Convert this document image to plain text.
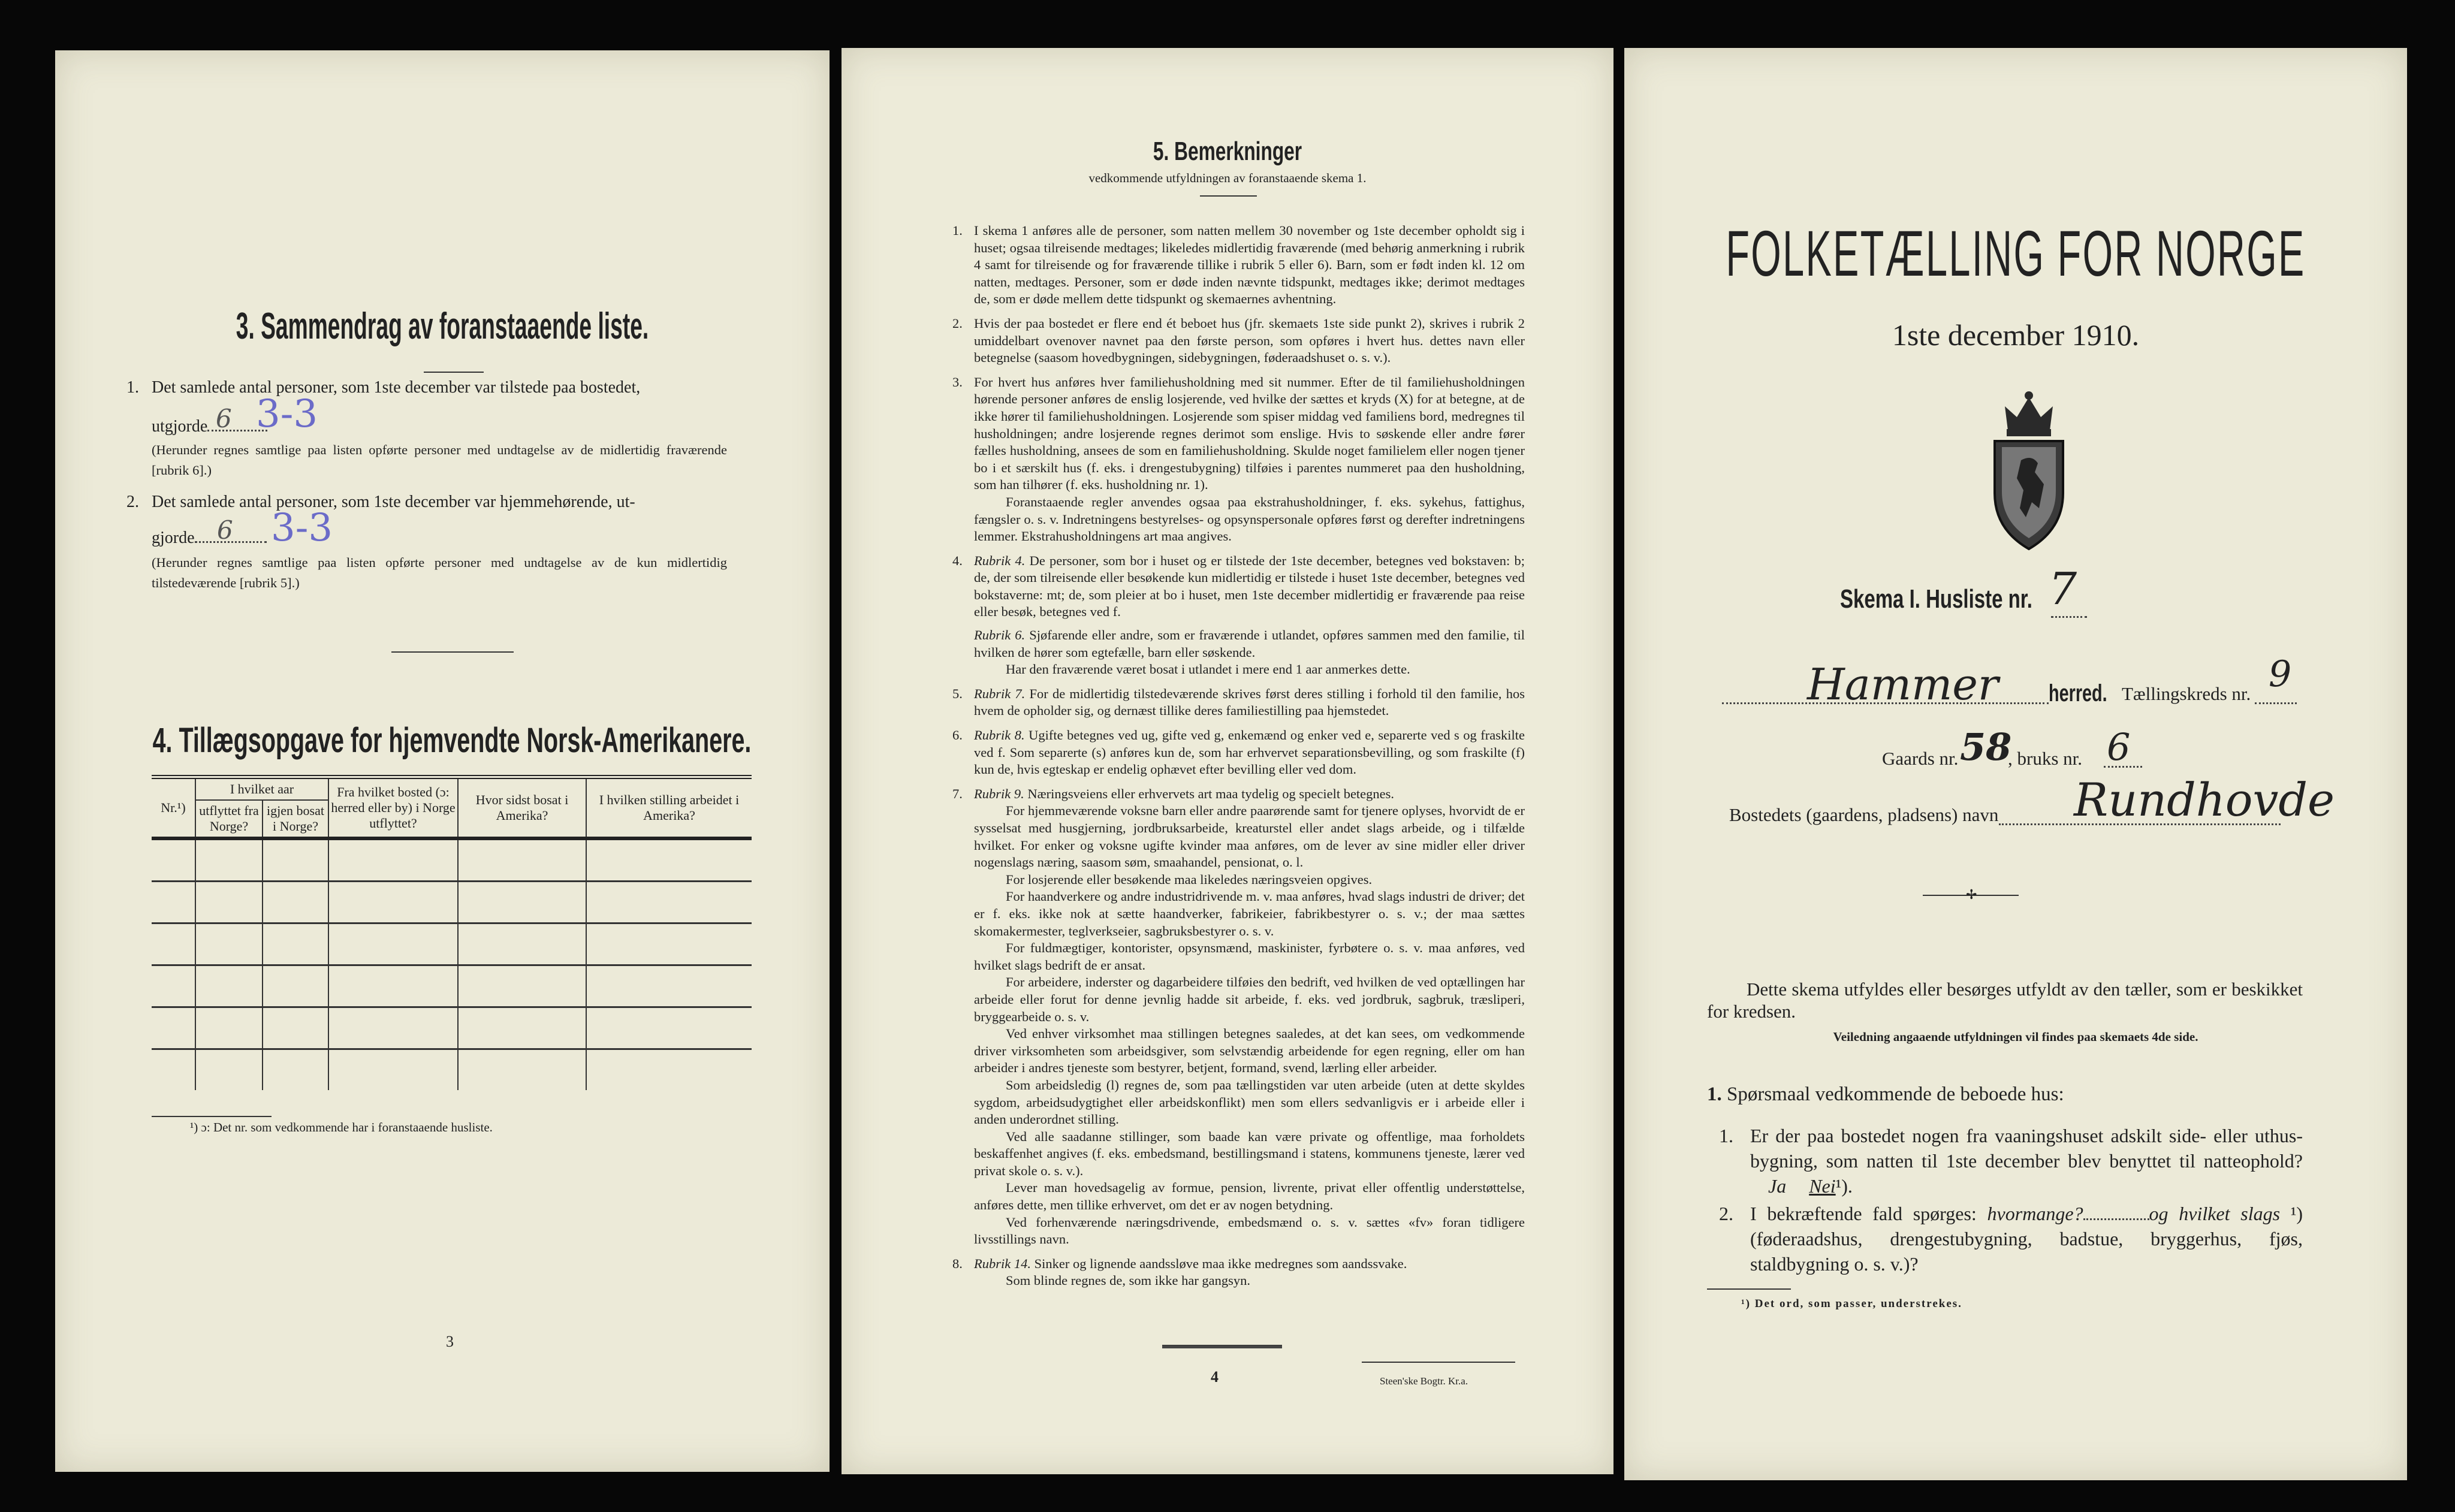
3. Sammendrag av foranstaaende liste.
1. Det samlede antal personer, som 1ste december var tilstede paa bostedet,
utgjorde 6 3-3
(Herunder regnes samtlige paa listen opførte personer med undtagelse av de midlertidig fraværende [rubrik 6].)
2. Det samlede antal personer, som 1ste december var hjemmehørende, ut-
gjorde 6 3-3
(Herunder regnes samtlige paa listen opførte personer med undtagelse av de kun midlertidig tilstedeværende [rubrik 5].)
4. Tillægsopgave for hjemvendte Norsk-Amerikanere.
Nr.¹)	I hvilket aar		Fra hvilket bosted (ɔ: herred eller by) i Norge utflyttet?	Hvor sidst bosat i Amerika?	I hvilken stilling arbeidet i Amerika?
	utflyttet fra Norge?	igjen bosat i Norge?			

¹) ɔ: Det nr. som vedkommende har i foranstaaende husliste.
3
5. Bemerkninger
vedkommende utfyldningen av foranstaaende skema 1.
1. I skema 1 anføres alle de personer, som natten mellem 30 november og 1ste december opholdt sig i huset; ogsaa tilreisende medtages; likeledes midlertidig fraværende (med behørig anmerkning i rubrik 4 samt for tilreisende og for fraværende tillike i rubrik 5 eller 6). Barn, som er født inden kl. 12 om natten, medtages. Personer, som er døde inden nævnte tidspunkt, medtages ikke; derimot medtages de, som er døde mellem dette tidspunkt og skemaernes avhentning.

2. Hvis der paa bostedet er flere end ét beboet hus (jfr. skemaets 1ste side punkt 2), skrives i rubrik 2 umiddelbart ovenover navnet paa den første person, som opføres i hvert hus. dettes navn eller betegnelse (saasom hovedbygningen, sidebygningen, føderaadshuset o. s. v.).

3. For hvert hus anføres hver familiehusholdning med sit nummer. Efter de til familiehusholdningen hørende personer anføres de enslig losjerende, ved hvilke der sættes et kryds (X) for at betegne, at de ikke hører til familiehusholdningen. Losjerende som spiser middag ved familiens bord, medregnes til husholdningen; andre losjerende regnes derimot som enslige. Hvis to søskende eller andre fører fælles husholdning, ansees de som en familiehusholdning. Skulde noget familielem eller nogen tjener bo i et særskilt hus (f. eks. i drengestubygning) tilføies i parentes nummeret paa den husholdning, som han tilhører (f. eks. husholdning nr. 1).

Foranstaaende regler anvendes ogsaa paa ekstrahusholdninger, f. eks. sykehus, fattighus, fængsler o. s. v. Indretningens bestyrelses- og opsynspersonale opføres først og derefter indretningens lemmer. Ekstrahusholdningens art maa angives.

4. Rubrik 4. De personer, som bor i huset og er tilstede der 1ste december, betegnes ved bokstaven: b; de, der som tilreisende eller besøkende kun midlertidig er tilstede i huset 1ste december, betegnes ved bokstaverne: mt; de, som pleier at bo i huset, men 1ste december midlertidig er fraværende paa reise eller besøk, betegnes ved f.

Rubrik 6. Sjøfarende eller andre, som er fraværende i utlandet, opføres sammen med den familie, til hvilken de hører som egtefælle, barn eller søskende.

Har den fraværende været bosat i utlandet i mere end 1 aar anmerkes dette.

5. Rubrik 7. For de midlertidig tilstedeværende skrives først deres stilling i forhold til den familie, hos hvem de opholder sig, og dernæst tillike deres familiestilling paa hjemstedet.

6. Rubrik 8. Ugifte betegnes ved ug, gifte ved g, enkemænd og enker ved e, separerte ved s og fraskilte ved f. Som separerte (s) anføres kun de, som har erhvervet separationsbevilling, og som fraskilte (f) kun de, hvis egteskap er endelig ophævet efter bevilling eller ved dom.

7. Rubrik 9. Næringsveiens eller erhvervets art maa tydelig og specielt betegnes.

For hjemmeværende voksne barn eller andre paarørende samt for tjenere oplyses, hvorvidt de er sysselsat med husgjerning, jordbruksarbeide, kreaturstel eller andet slags arbeide, og i tilfælde hvilket. For enker og voksne ugifte kvinder maa anføres, om de lever av sine midler eller driver nogenslags næring, saasom søm, smaahandel, pensionat, o. l.

For losjerende eller besøkende maa likeledes næringsveien opgives.

For haandverkere og andre industridrivende m. v. maa anføres, hvad slags industri de driver; det er f. eks. ikke nok at sætte haandverker, fabrikeier, fabrikbestyrer o. s. v.; der maa sættes skomakermester, teglverkseier, sagbruksbestyrer o. s. v.

For fuldmægtiger, kontorister, opsynsmænd, maskinister, fyrbøtere o. s. v. maa anføres, ved hvilket slags bedrift de er ansat.

For arbeidere, inderster og dagarbeidere tilføies den bedrift, ved hvilken de ved optællingen har arbeide eller forut for denne jevnlig hadde sit arbeide, f. eks. ved jordbruk, sagbruk, træsliperi, bryggearbeide o. s. v.

Ved enhver virksomhet maa stillingen betegnes saaledes, at det kan sees, om vedkommende driver virksomheten som arbeidsgiver, som selvstændig arbeidende for egen regning, eller om han arbeider i andres tjeneste som bestyrer, betjent, formand, svend, lærling eller arbeider.

Som arbeidsledig (l) regnes de, som paa tællingstiden var uten arbeide (uten at dette skyldes sygdom, arbeidsudygtighet eller arbeidskonflikt) men som ellers sedvanligvis er i arbeide eller i anden underordnet stilling.

Ved alle saadanne stillinger, som baade kan være private og offentlige, maa forholdets beskaffenhet angives (f. eks. embedsmand, bestillingsmand i statens, kommunens tjeneste, lærer ved privat skole o. s. v.).

Lever man hovedsagelig av formue, pension, livrente, privat eller offentlig understøttelse, anføres dette, men tillike erhvervet, om det er av nogen betydning.

Ved forhenværende næringsdrivende, embedsmænd o. s. v. sættes «fv» foran tidligere livsstillings navn.

8. Rubrik 14. Sinker og lignende aandssløve maa ikke medregnes som aandssvake.

Som blinde regnes de, som ikke har gangsyn.

4	Steen'ske Bogtr. Kr.a.
FOLKETÆLLING FOR NORGE
1ste december 1910.
Skema I. Husliste nr. 7
Hammer herred. Tællingskreds nr. 9
Gaards nr. 58
, bruks nr. 6
Bostedets (gaardens, pladsens) navn Rundhovde
✢
Dette skema utfyldes eller besørges utfyldt av den tæller, som er beskikket for kredsen.
Veiledning angaaende utfyldningen vil findes paa skemaets 4de side.
1. Spørsmaal vedkommende de beboede hus:
1. Er der paa bostedet nogen fra vaaningshuset adskilt side- eller uthus-bygning, som natten til 1ste december blev benyttet til natteophold? Ja Nei¹).
2. I bekræftende fald spørges: hvormange?	og hvilket slags ¹) (føderaadshus, drengestubygning, badstue, bryggerhus, fjøs, staldbygning o. s. v.)?
¹) Det ord, som passer, understrekes.
